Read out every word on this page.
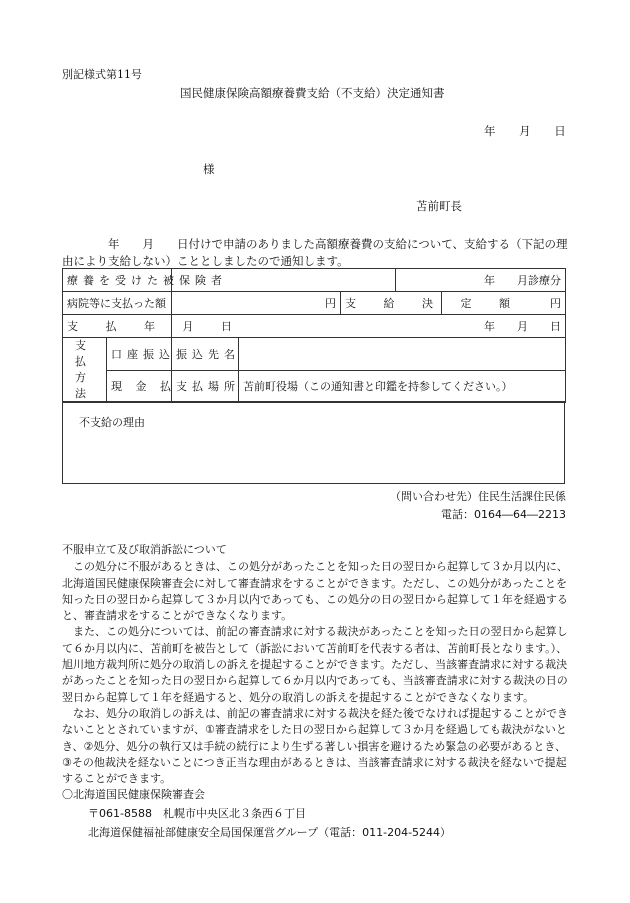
別記様式第11号
国民健康保険高額療養費支給（不支給）決定通知書
年 月 日
様
苫前町長
　　　　年　　月　　日付けで申請のありました高額療養費の支給について、支給する（下記の理由により支給しない）こととしましたので通知します。
療養を受けた被保険者					年　　月診療分	
病院等に支払った額		円		支 給 決 定 額		円
支 払 年 月 日		年　　月　　日				
支払方法	口座振込	振込先名				
	現 金 払	支払場所	苫前町役場（この通知書と印鑑を持参してください。）			
不支給の理由
（問い合わせ先）住民生活課住民係
電話：0164―64―2213

不服申立て及び取消訴訟について

この処分に不服があるときは、この処分があったことを知った日の翌日から起算して３か月以内に、北海道国民健康保険審査会に対して審査請求をすることができます。ただし、この処分があったことを知った日の翌日から起算して３か月以内であっても、この処分の日の翌日から起算して１年を経過すると、審査請求をすることができなくなります。

また、この処分については、前記の審査請求に対する裁決があったことを知った日の翌日から起算して６か月以内に、苫前町を被告として（訴訟において苫前町を代表する者は、苫前町長となります。）、旭川地方裁判所に処分の取消しの訴えを提起することができます。ただし、当該審査請求に対する裁決があったことを知った日の翌日から起算して６か月以内であっても、当該審査請求に対する裁決の日の翌日から起算して１年を経過すると、処分の取消しの訴えを提起することができなくなります。

なお、処分の取消しの訴えは、前記の審査請求に対する裁決を経た後でなければ提起することができないこととされていますが、①審査請求をした日の翌日から起算して３か月を経過しても裁決がないとき、②処分、処分の執行又は手続の続行により生ずる著しい損害を避けるため緊急の必要があるとき、③その他裁決を経ないことにつき正当な理由があるときは、当該審査請求に対する裁決を経ないで提起することができます。

〇北海道国民健康保険審査会

〒061-8588　札幌市中央区北３条西６丁目

北海道保健福祉部健康安全局国保運営グループ（電話：011-204-5244）
